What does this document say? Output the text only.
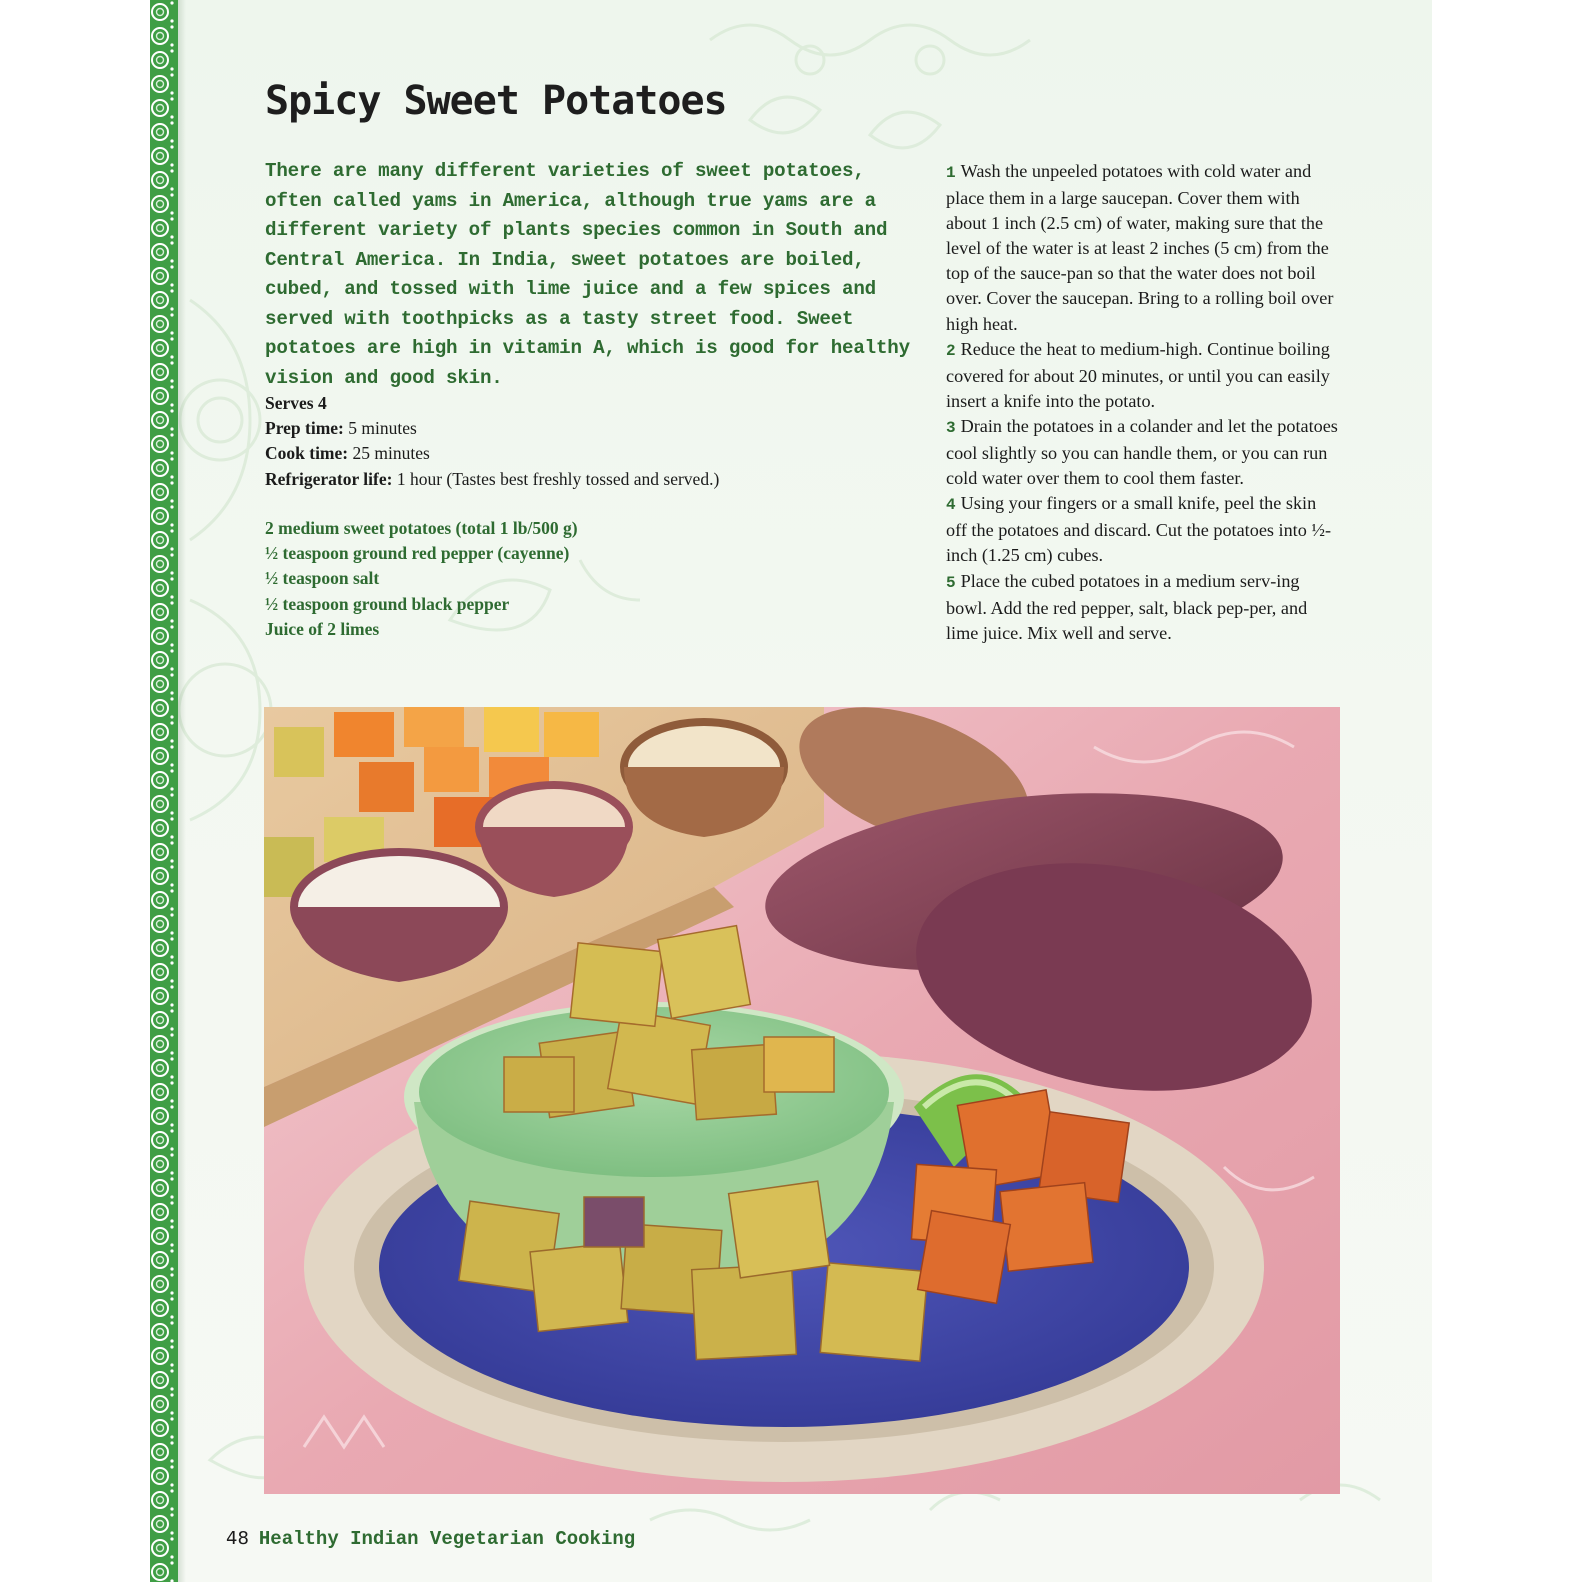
Spicy Sweet Potatoes

There are many different varieties of sweet potatoes, often called yams in America, although true yams are a different variety of plants species common in South and Central America. In India, sweet potatoes are boiled, cubed, and tossed with lime juice and a few spices and served with toothpicks as a tasty street food. Sweet potatoes are high in vitamin A, which is good for healthy vision and good skin.

Serves 4
Prep time: 5 minutes
Cook time: 25 minutes
Refrigerator life: 1 hour (Tastes best freshly tossed and served.)
2 medium sweet potatoes (total 1 lb/500 g)
½ teaspoon ground red pepper (cayenne)
½ teaspoon salt
½ teaspoon ground black pepper
Juice of 2 limes
1 Wash the unpeeled potatoes with cold water and place them in a large saucepan. Cover them with about 1 inch (2.5 cm) of water, making sure that the level of the water is at least 2 inches (5 cm) from the top of the sauce-pan so that the water does not boil over. Cover the saucepan. Bring to a rolling boil over high heat.
2 Reduce the heat to medium-high. Continue boiling covered for about 20 minutes, or until you can easily insert a knife into the potato.
3 Drain the potatoes in a colander and let the potatoes cool slightly so you can handle them, or you can run cold water over them to cool them faster.
4 Using your fingers or a small knife, peel the skin off the potatoes and discard. Cut the potatoes into ½-inch (1.25 cm) cubes.
5 Place the cubed potatoes in a medium serv-ing bowl. Add the red pepper, salt, black pep-per, and lime juice. Mix well and serve.
48 Healthy Indian Vegetarian Cooking
